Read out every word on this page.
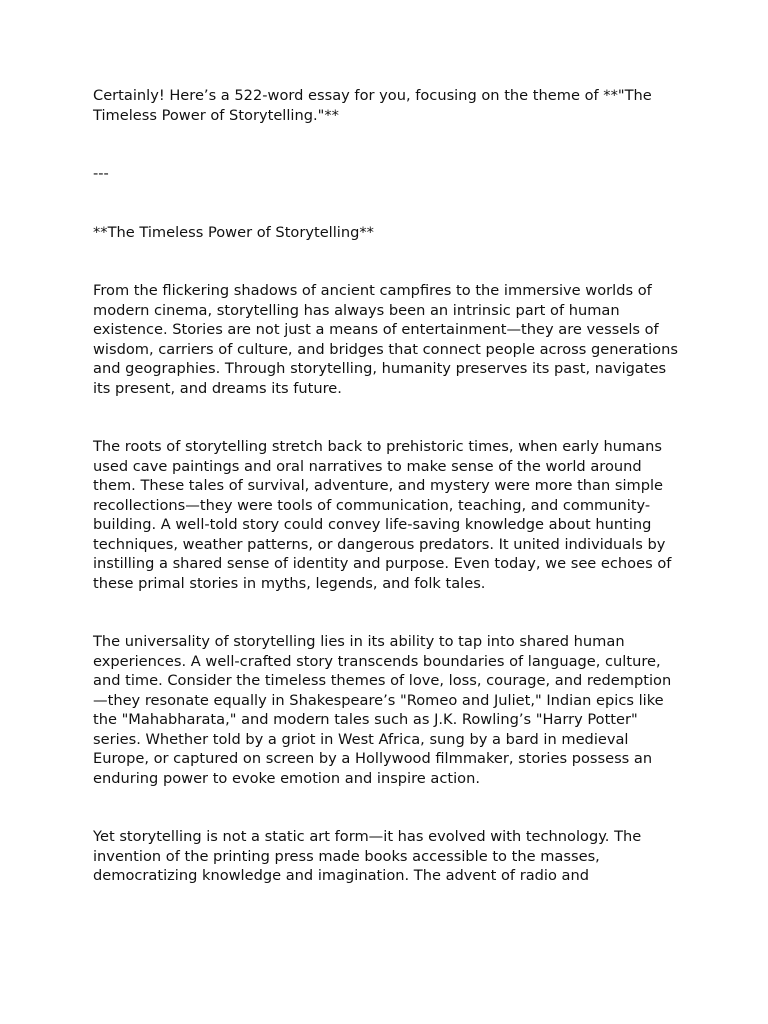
Certainly! Here’s a 522-word essay for you, focusing on the theme of **"The Timeless Power of Storytelling."**

---

**The Timeless Power of Storytelling**

From the flickering shadows of ancient campfires to the immersive worlds of modern cinema, storytelling has always been an intrinsic part of human existence. Stories are not just a means of entertainment—they are vessels of wisdom, carriers of culture, and bridges that connect people across generations and geographies. Through storytelling, humanity preserves its past, navigates its present, and dreams its future.

The roots of storytelling stretch back to prehistoric times, when early humans used cave paintings and oral narratives to make sense of the world around them. These tales of survival, adventure, and mystery were more than simple recollections—they were tools of communication, teaching, and community-building. A well-told story could convey life-saving knowledge about hunting techniques, weather patterns, or dangerous predators. It united individuals by instilling a shared sense of identity and purpose. Even today, we see echoes of these primal stories in myths, legends, and folk tales.

The universality of storytelling lies in its ability to tap into shared human experiences. A well-crafted story transcends boundaries of language, culture, and time. Consider the timeless themes of love, loss, courage, and redemption—they resonate equally in Shakespeare’s "Romeo and Juliet," Indian epics like the "Mahabharata," and modern tales such as J.K. Rowling’s "Harry Potter" series. Whether told by a griot in West Africa, sung by a bard in medieval Europe, or captured on screen by a Hollywood filmmaker, stories possess an enduring power to evoke emotion and inspire action.

Yet storytelling is not a static art form—it has evolved with technology. The invention of the printing press made books accessible to the masses, democratizing knowledge and imagination. The advent of radio and
